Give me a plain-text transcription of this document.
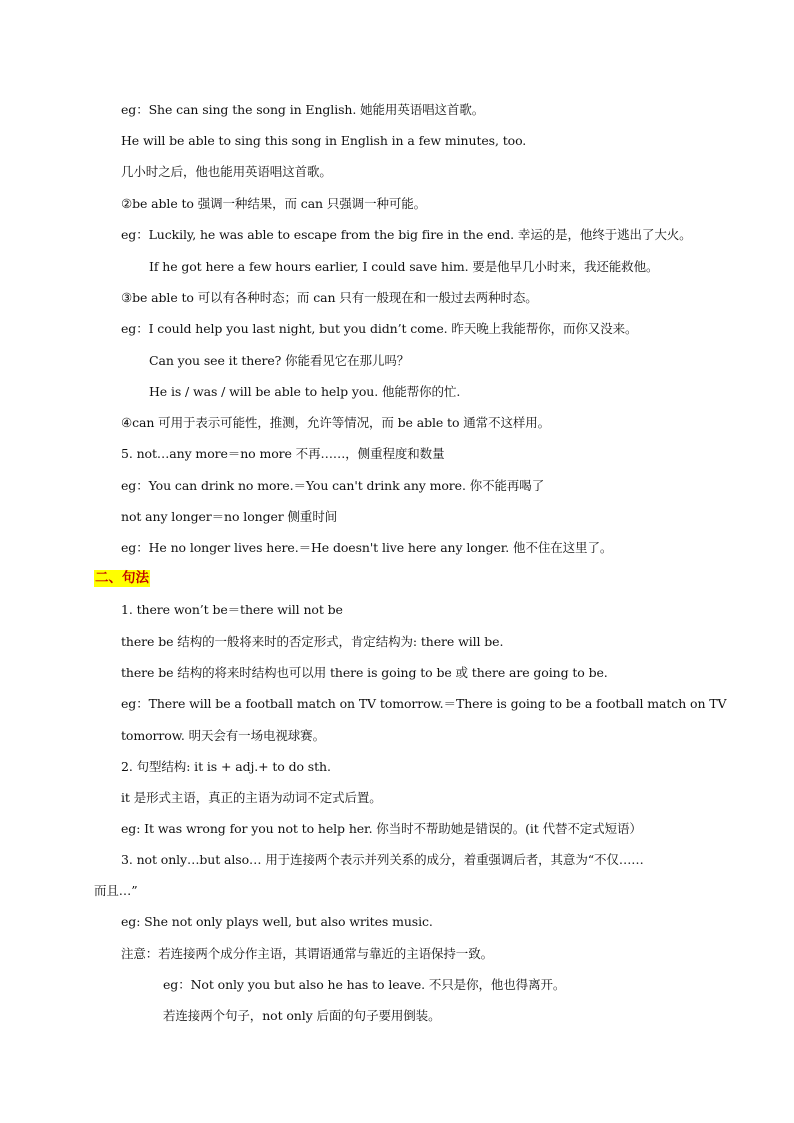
eg：She can sing the song in English. 她能用英语唱这首歌。
He will be able to sing this song in English in a few minutes, too.
几小时之后，他也能用英语唱这首歌。
②be able to 强调一种结果，而 can 只强调一种可能。
eg：Luckily, he was able to escape from the big fire in the end. 幸运的是，他终于逃出了大火。
If he got here a few hours earlier, I could save him. 要是他早几小时来，我还能救他。
③be able to 可以有各种时态；而 can 只有一般现在和一般过去两种时态。
eg：I could help you last night, but you didn’t come. 昨天晚上我能帮你，而你又没来。
Can you see it there? 你能看见它在那儿吗？
He is / was / will be able to help you. 他能帮你的忙.
④can 可用于表示可能性，推测，允许等情况，而 be able to 通常不这样用。
5. not…any more＝no more 不再……，侧重程度和数量
eg：You can drink no more.＝You can't drink any more. 你不能再喝了
not any longer＝no longer 侧重时间
eg：He no longer lives here.＝He doesn't live here any longer. 他不住在这里了。
二、句法
1. there won’t be＝there will not be
there be 结构的一般将来时的否定形式，肯定结构为: there will be.
there be 结构的将来时结构也可以用 there is going to be 或 there are going to be.
eg：There will be a football match on TV tomorrow.＝There is going to be a football match on TV
tomorrow. 明天会有一场电视球赛。
2. 句型结构: it is + adj.+ to do sth.
it 是形式主语，真正的主语为动词不定式后置。
eg: It was wrong for you not to help her. 你当时不帮助她是错误的。(it 代替不定式短语）
3. not only…but also… 用于连接两个表示并列关系的成分，着重强调后者，其意为“不仅……
而且…”
eg: She not only plays well, but also writes music.
注意：若连接两个成分作主语，其谓语通常与靠近的主语保持一致。
eg：Not only you but also he has to leave. 不只是你，他也得离开。
若连接两个句子，not only 后面的句子要用倒装。
